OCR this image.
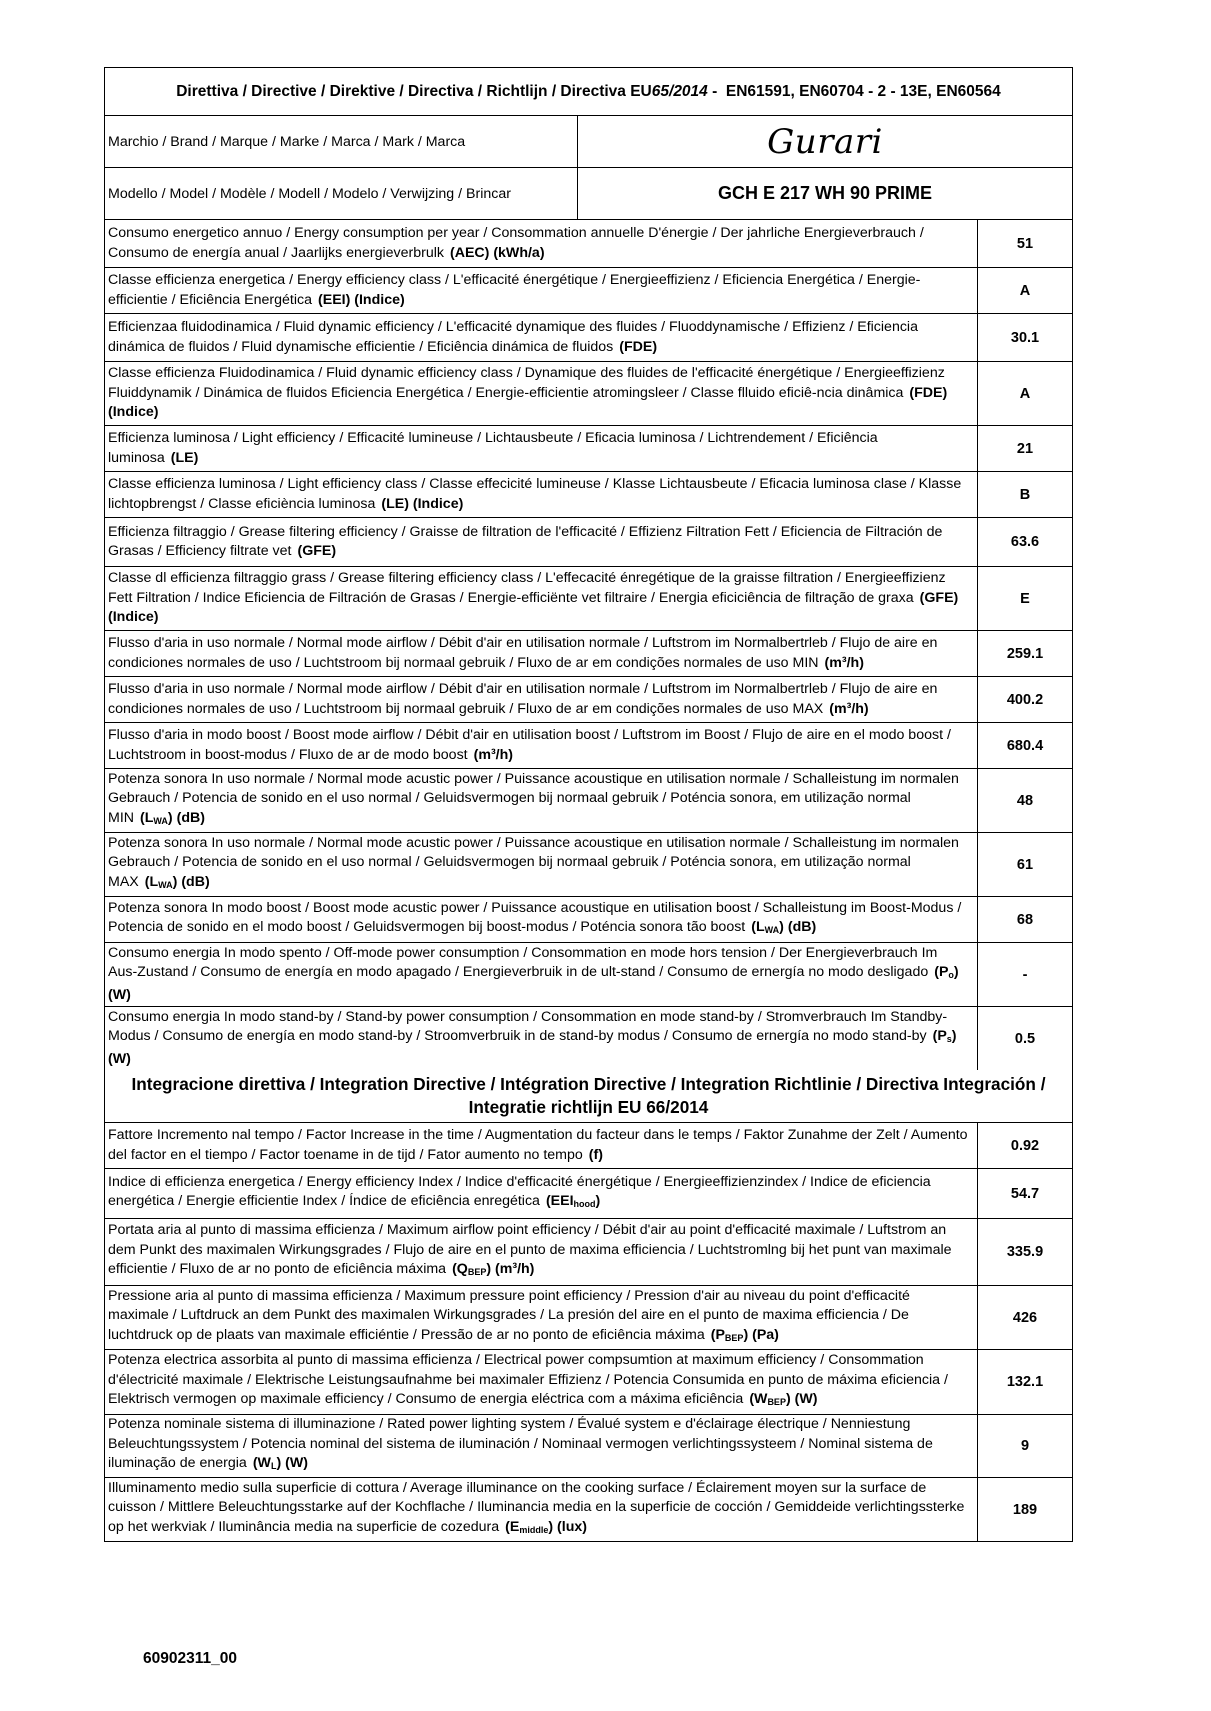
Direttiva / Directive / Direktive / Directiva / Richtlijn / Directiva EU 65/2014 -  EN61591, EN60704 - 2 - 13E, EN60564
Marchio / Brand / Marque / Marke / Marca / Mark / Marca	Gurari
Modello / Model / Modèle / Modell / Modelo / Verwijzing / Brincar	GCH E 217 WH 90 PRIME
Consumo energetico annuo / Energy consumption per year / Consommation annuelle D'énergie / Der jahrliche Energieverbrauch / Consumo de energía anual / Jaarlijks energieverbrulk (AEC) (kWh/a)
51
Classe efficienza energetica / Energy efficiency class / L'efficacité énergétique / Energieeffizienz / Eficiencia Energética / Energie-efficientie / Eficiência Energética (EEI) (Indice)
A
Efficienzaa fluidodinamica / Fluid dynamic efficiency / L'efficacité dynamique des fluides / Fluoddynamische / Effizienz / Eficiencia dinámica de fluidos / Fluid dynamische efficientie / Eficiência dinámica de fluidos (FDE)
30.1
Classe efficienza Fluidodinamica / Fluid dynamic efficiency class / Dynamique des fluides de l'efficacité énergétique / Energieeffizienz Fluiddynamik / Dinámica de fluidos Eficiencia Energética / Energie-efficientie atromingsleer / Classe flluido eficiê-ncia dinâmica (FDE) (Indice)
A
Efficienza luminosa / Light efficiency / Efficacité lumineuse / Lichtausbeute / Eficacia luminosa / Lichtrendement / Eficiência luminosa (LE)
21
Classe efficienza luminosa / Light efficiency class / Classe effecicité lumineuse / Klasse Lichtausbeute / Eficacia luminosa clase / Klasse lichtopbrengst / Classe eficiència luminosa (LE) (Indice)
B
Efficienza filtraggio / Grease filtering efficiency / Graisse de filtration de l'efficacité / Effizienz Filtration Fett / Eficiencia de Filtración de Grasas / Efficiency filtrate vet (GFE)
63.6
Classe dl efficienza filtraggio grass / Grease filtering efficiency class / L'effecacité énregétique de la graisse filtration / Energieeffizienz Fett Filtration / Indice Eficiencia de Filtración de Grasas / Energie-efficiënte vet filtraire / Energia eficiciência de filtração de graxa (GFE) (Indice)
E
Flusso d'aria in uso normale / Normal mode airflow / Débit d'air en utilisation normale / Luftstrom im Normalbertrleb / Flujo de aire en condiciones normales de uso / Luchtstroom bij normaal gebruik / Fluxo de ar em condições normales de uso MIN (m³/h)
259.1
Flusso d'aria in uso normale / Normal mode airflow / Débit d'air en utilisation normale / Luftstrom im Normalbertrleb / Flujo de aire en condiciones normales de uso / Luchtstroom bij normaal gebruik / Fluxo de ar em condições normales de uso MAX (m³/h)
400.2
Flusso d'aria in modo boost / Boost mode airflow / Débit d'air en utilisation boost / Luftstrom im Boost / Flujo de aire en el modo boost / Luchtstroom in boost-modus / Fluxo de ar de modo boost (m³/h)
680.4
Potenza sonora In uso normale / Normal mode acustic power / Puissance acoustique en utilisation normale / Schalleistung im normalen Gebrauch / Potencia de sonido en el uso normal / Geluidsvermogen bij normaal gebruik / Poténcia sonora, em utilização normal MIN $(L_{WA})$ (dB)
48
Potenza sonora In uso normale / Normal mode acustic power / Puissance acoustique en utilisation normale / Schalleistung im normalen Gebrauch / Potencia de sonido en el uso normal / Geluidsvermogen bij normaal gebruik / Poténcia sonora, em utilização normal MAX $(L_{WA})$ (dB)
61
Potenza sonora In modo boost / Boost mode acustic power / Puissance acoustique en utilisation boost / Schalleistung im Boost-Modus / Potencia de sonido en el modo boost / Geluidsvermogen bij boost-modus / Poténcia sonora tão boost $(L_{WA})$ (dB)	68
Consumo energia In modo spento / Off-mode power consumption / Consommation en mode hors tension / Der Energieverbrauch Im Aus-Zustand / Consumo de energía en modo apagado / Energieverbruik in de ult-stand / Consumo de ernergía no modo desligado $(P_o)$ (W)
-
Consumo energia In modo stand-by / Stand-by power consumption / Consommation en mode stand-by / Stromverbrauch Im Standby-Modus / Consumo de energía en modo stand-by / Stroomverbruik in de stand-by modus / Consumo de ernergía no modo stand-by $(P_s)$ (W)
0.5
Integracione direttiva / Integration Directive / Intégration Directive / Integration Richtlinie / Directiva Integración / Integratie richtlijn EU 66/2014
Fattore Incremento nal tempo / Factor Increase in the time / Augmentation du facteur dans le temps / Faktor Zunahme der Zelt / Aumento del factor en el tiempo / Factor toename in de tijd / Fator aumento no tempo (f)
0.92
Indice di efficienza energetica / Energy efficiency Index / Indice d'efficacité énergétique / Energieeffizienzindex / Indice de eficiencia energética / Energie efficientie Index / Índice de eficiência enregética $(EEI_{hood})$	54.7
Portata aria al punto di massima efficienza / Maximum airflow point efficiency / Débit d'air au point d'efficacité maximale / Luftstrom an dem Punkt des maximalen Wirkungsgrades / Flujo de aire en el punto de maxima efficiencia / Luchtstromlng bij het punt van maximale efficientie / Fluxo de ar no ponto de eficiência máxima $(Q_{BEP})$ (m³/h)
335.9
Pressione aria al punto di massima efficienza / Maximum pressure point efficiency / Pression d'air au niveau du point d'efficacité maximale / Luftdruck an dem Punkt des maximalen Wirkungsgrades / La presión del aire en el punto de maxima efficiencia / De luchtdruck op de plaats van maximale efficiéntie / Pressão de ar no ponto de eficiência máxima $(P_{BEP})$ (Pa)
426
Potenza electrica assorbita al punto di massima efficienza / Electrical power compsumtion at maximum efficiency / Consommation d'électricité maximale / Elektrische Leistungsaufnahme bei maximaler Effizienz / Potencia Consumida en punto de máxima eficiencia / Elektrisch vermogen op maximale efficiency / Consumo de energia eléctrica com a máxima eficiência $(W_{BEP})$ (W)
132.1
Potenza nominale sistema di illuminazione / Rated power lighting system / Évalué system e d'éclairage électrique / Nenniestung Beleuchtungssystem / Potencia nominal del sistema de iluminación / Nominaal vermogen verlichtingssysteem / Nominal sistema de iluminação de energia $(W_L)$ (W)
9
Illuminamento medio sulla superficie di cottura / Average illuminance on the cooking surface / Éclairement moyen sur la surface de cuisson / Mittlere Beleuchtungsstarke auf der Kochflache / Iluminancia media en la superficie de cocción / Gemiddeide verlichtingssterke op het werkviak / Iluminância media na superficie de cozedura $(E_{middle})$ (lux)
189
60902311_00
